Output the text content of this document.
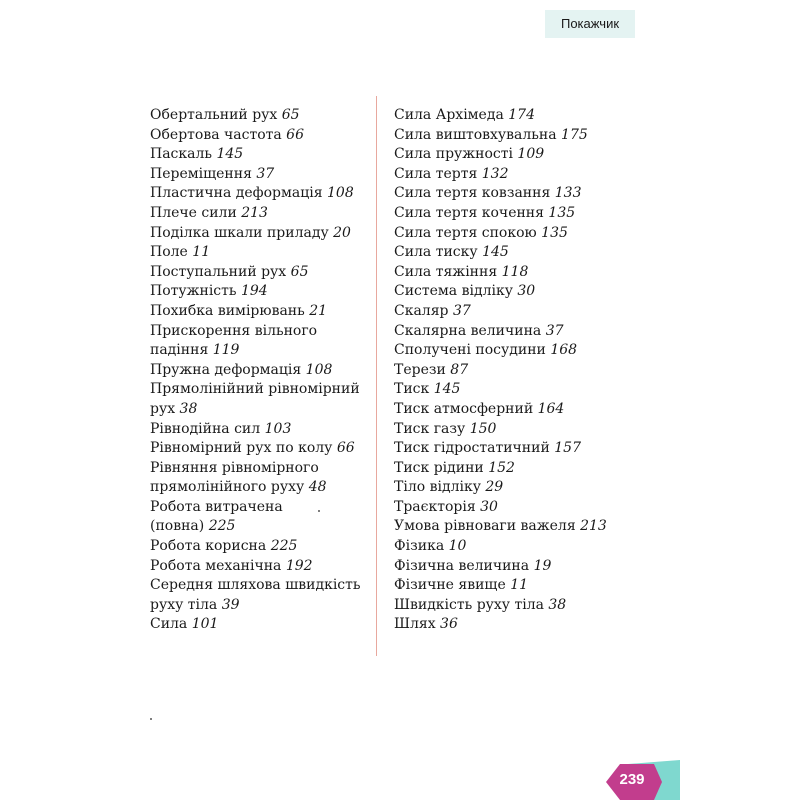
Покажчик
Обертальний рух 65
Обертова частота 66
Паскаль 145
Переміщення 37
Пластична деформація 108
Плече сили 213
Поділка шкали приладу 20
Поле 11
Поступальний рух 65
Потужність 194
Похибка вимірювань 21
Прискорення вільного
падіння 119
Пружна деформація 108
Прямолінійний рівномірний
рух 38
Рівнодійна сил 103
Рівномірний рух по колу 66
Рівняння рівномірного
прямолінійного руху 48
Робота витрачена
(повна) 225
Робота корисна 225
Робота механічна 192
Середня шляхова швидкість
руху тіла 39
Сила 101
Сила Архімеда 174
Сила виштовхувальна 175
Сила пружності 109
Сила тертя 132
Сила тертя ковзання 133
Сила тертя кочення 135
Сила тертя спокою 135
Сила тиску 145
Сила тяжіння 118
Система відліку 30
Скаляр 37
Скалярна величина 37
Сполучені посудини 168
Терези 87
Тиск 145
Тиск атмосферний 164
Тиск газу 150
Тиск гідростатичний 157
Тиск рідини 152
Тіло відліку 29
Траєкторія 30
Умова рівноваги важеля 213
Фізика 10
Фізична величина 19
Фізичне явище 11
Швидкість руху тіла 38
Шлях 36
239
